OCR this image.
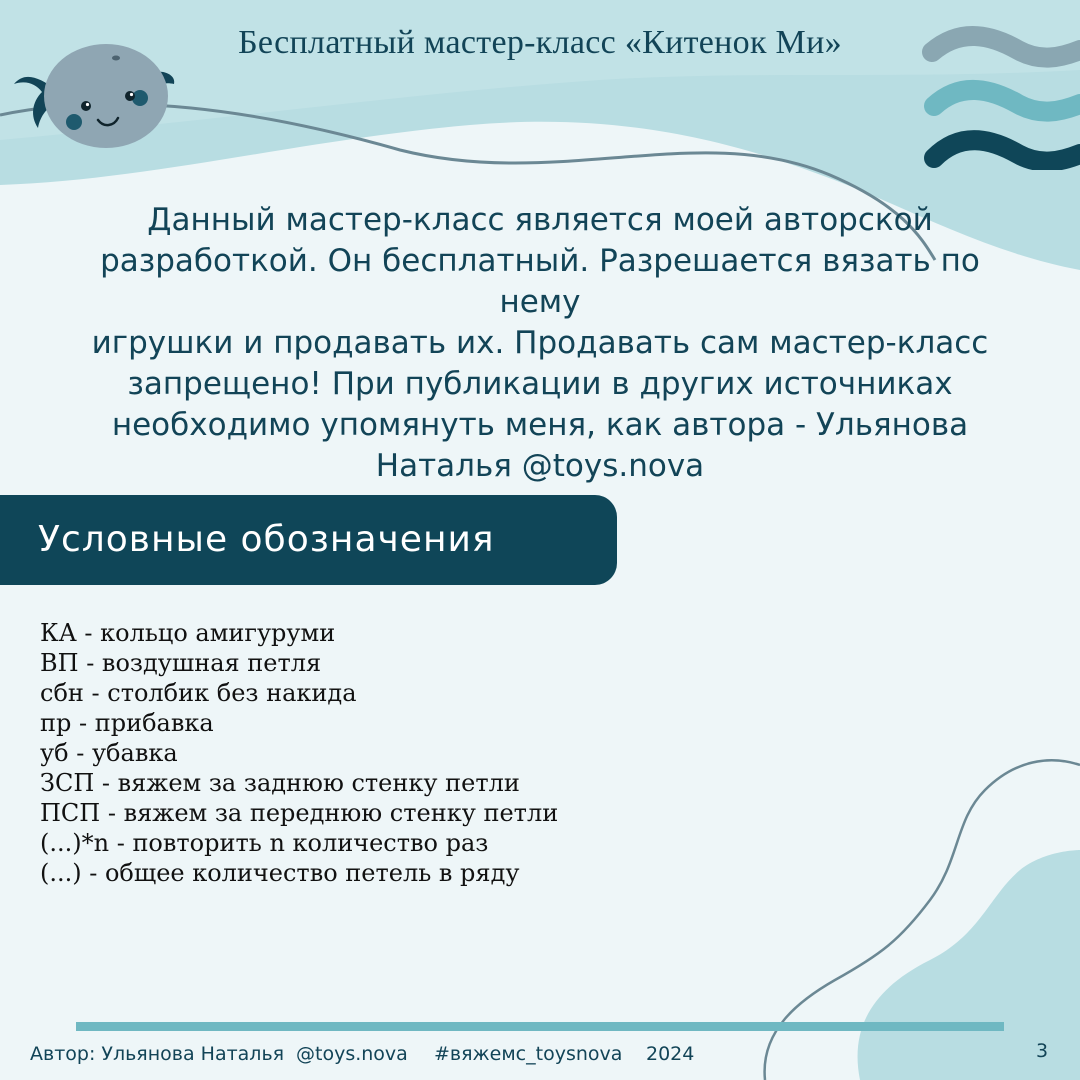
Бесплатный мастер-класс «Китенок Ми»
Данный мастер-класс является моей авторской
разработкой. Он бесплатный. Разрешается вязать по нему
игрушки и продавать их. Продавать сам мастер-класс
запрещено! При публикации в других источниках
необходимо упомянуть меня, как автора - Ульянова
Наталья @toys.nova
Условные обозначения
КА - кольцо амигуруми
ВП - воздушная петля
сбн - столбик без накида
пр - прибавка
уб - убавка
ЗСП - вяжем за заднюю стенку петли
ПСП - вяжем за переднюю стенку петли
(...)*n - повторить n количество раз
(...) - общее количество петель в ряду
Автор: Ульянова Наталья @toys.nova #вяжемс_toysnova 2024	3
